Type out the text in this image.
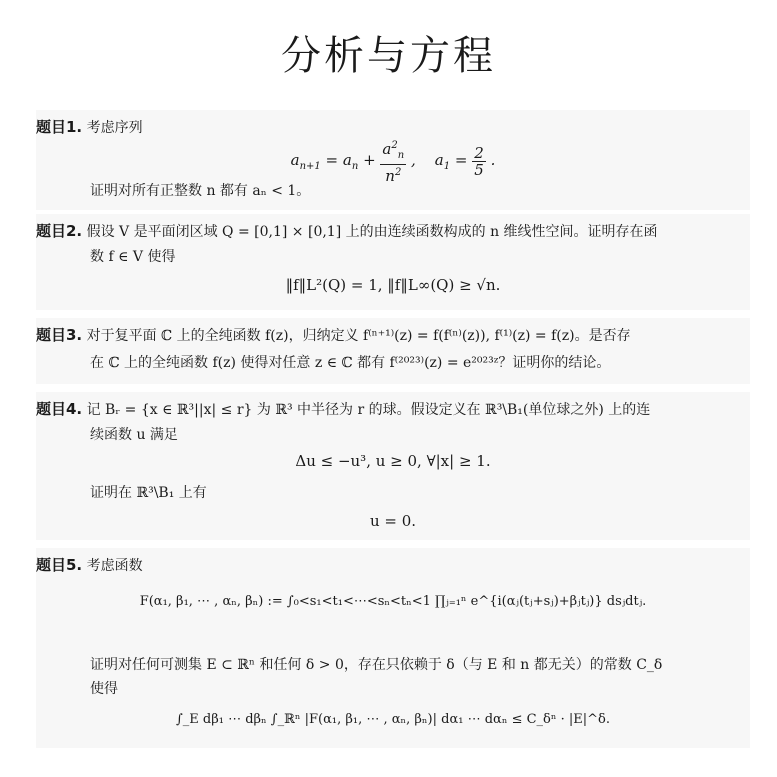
分析与方程
题目1. 考虑序列
$a_{n+1} = a_n + \frac{a^2_n}{n^2}$ ,    $a_1 = \frac{2}{5}$ .
证明对所有正整数 n 都有 aₙ < 1。
题目2. 假设 V 是平面闭区域 Q = [0,1] × [0,1] 上的由连续函数构成的 n 维线性空间。证明存在函
数 f ∈ V 使得
‖f‖L²(Q) = 1, ‖f‖L∞(Q) ≥ √n.
题目3. 对于复平面 ℂ 上的全纯函数 f(z)，归纳定义 f⁽ⁿ⁺¹⁾(z) = f(f⁽ⁿ⁾(z)), f⁽¹⁾(z) = f(z)。是否存
在 ℂ 上的全纯函数 f(z) 使得对任意 z ∈ ℂ 都有 f⁽²⁰²³⁾(z) = e²⁰²³ᶻ？证明你的结论。
题目4. 记 Bᵣ = {x ∈ ℝ³||x| ≤ r} 为 ℝ³ 中半径为 r 的球。假设定义在 ℝ³\B₁(单位球之外) 上的连
续函数 u 满足
Δu ≤ −u³, u ≥ 0, ∀|x| ≥ 1.
证明在 ℝ³\B₁ 上有
u = 0.
题目5. 考虑函数
F(α₁, β₁, ⋯ , αₙ, βₙ) := ∫₀<s₁<t₁<⋯<sₙ<tₙ<1 ∏ⱼ₌₁ⁿ e^{i(αⱼ(tⱼ+sⱼ)+βⱼtⱼ)} dsⱼdtⱼ.
证明对任何可测集 E ⊂ ℝⁿ 和任何 δ > 0，存在只依赖于 δ（与 E 和 n 都无关）的常数 C_δ
使得
∫_E dβ₁ ⋯ dβₙ ∫_ℝⁿ |F(α₁, β₁, ⋯ , αₙ, βₙ)| dα₁ ⋯ dαₙ ≤ C_δⁿ · |E|^δ.
